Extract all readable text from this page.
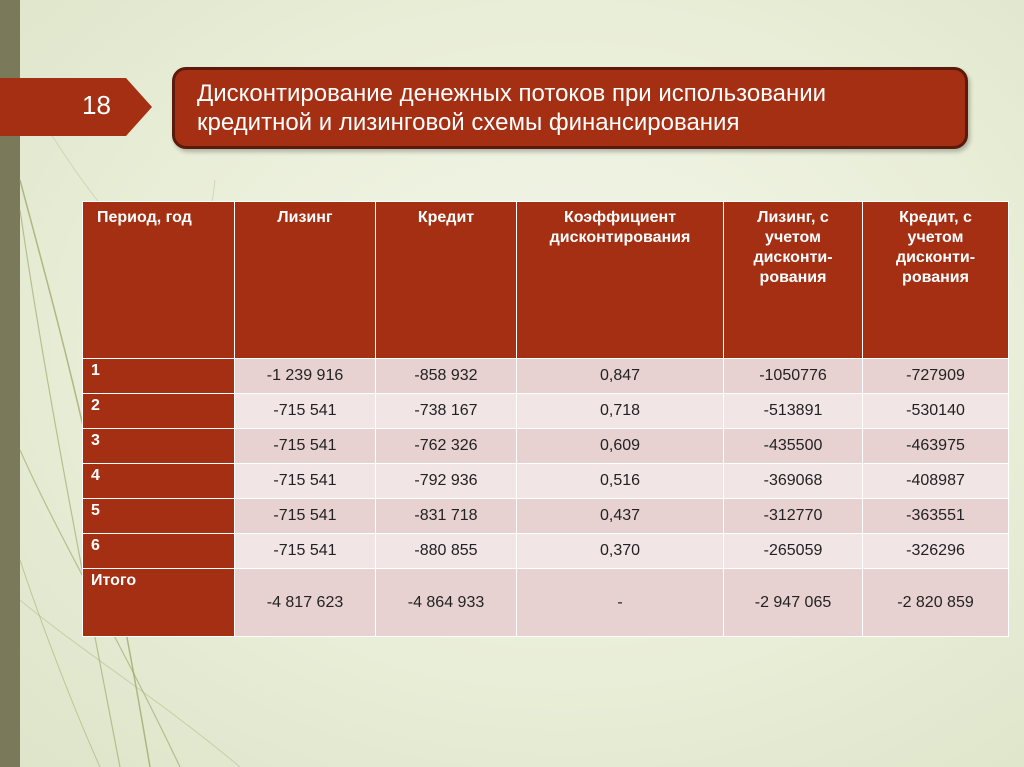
18	Дисконтирование денежных потоков при использовании
кредитной и лизинговой схемы финансирования
Период, год	Лизинг	Кредит	Коэффициент дисконтирования	Лизинг, с учетом дисконти-рования	Кредит, с учетом дисконти-рования
1	-1 239 916	-858 932	0,847	-1050776	-727909
2	-715 541	-738 167	0,718	-513891	-530140
3	-715 541	-762 326	0,609	-435500	-463975
4	-715 541	-792 936	0,516	-369068	-408987
5	-715 541	-831 718	0,437	-312770	-363551
6	-715 541	-880 855	0,370	-265059	-326296
Итого	-4 817 623	-4 864 933	-	-2 947 065	-2 820 859
